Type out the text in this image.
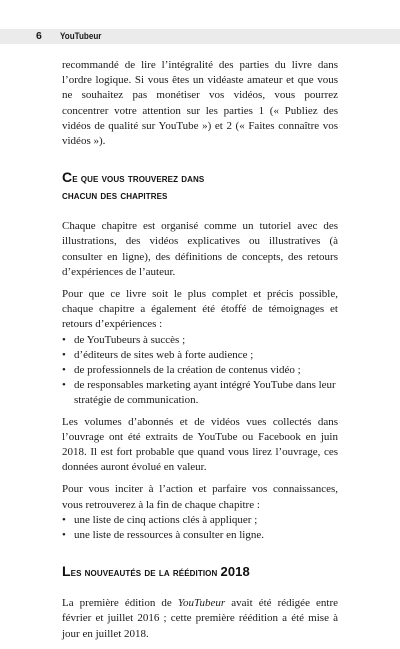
6 YouTubeur

recommandé de lire l’intégralité des parties du livre dans l’ordre logique. Si vous êtes un vidéaste amateur et que vous ne souhaitez pas monétiser vos vidéos, vous pourrez concentrer votre attention sur les parties 1 (« Publiez des vidéos de qualité sur YouTube ») et 2 (« Faites connaître vos vidéos »).

Ce que vous trouverez dans
chacun des chapitres

Chaque chapitre est organisé comme un tutoriel avec des illustrations, des vidéos explicatives ou illustratives (à consulter en ligne), des définitions de concepts, des retours d’expériences de l’auteur.

Pour que ce livre soit le plus complet et précis possible, chaque chapitre a également été étoffé de témoignages et retours d’expériences :

• de YouTubeurs à succès ;
• d’éditeurs de sites web à forte audience ;
• de professionnels de la création de contenus vidéo ;
• de responsables marketing ayant intégré YouTube dans leur stratégie de communication.

Les volumes d’abonnés et de vidéos vues collectés dans l’ouvrage ont été extraits de YouTube ou Facebook en juin 2018. Il est fort probable que quand vous lirez l’ouvrage, ces données auront évolué en valeur.

Pour vous inciter à l’action et parfaire vos connaissances, vous retrouverez à la fin de chaque chapitre :

• une liste de cinq actions clés à appliquer ;
• une liste de ressources à consulter en ligne.
Les nouveautés de la réédition 2018

La première édition de YouTubeur avait été rédigée entre février et juillet 2016 ; cette première réédition a été mise à jour en juillet 2018.
